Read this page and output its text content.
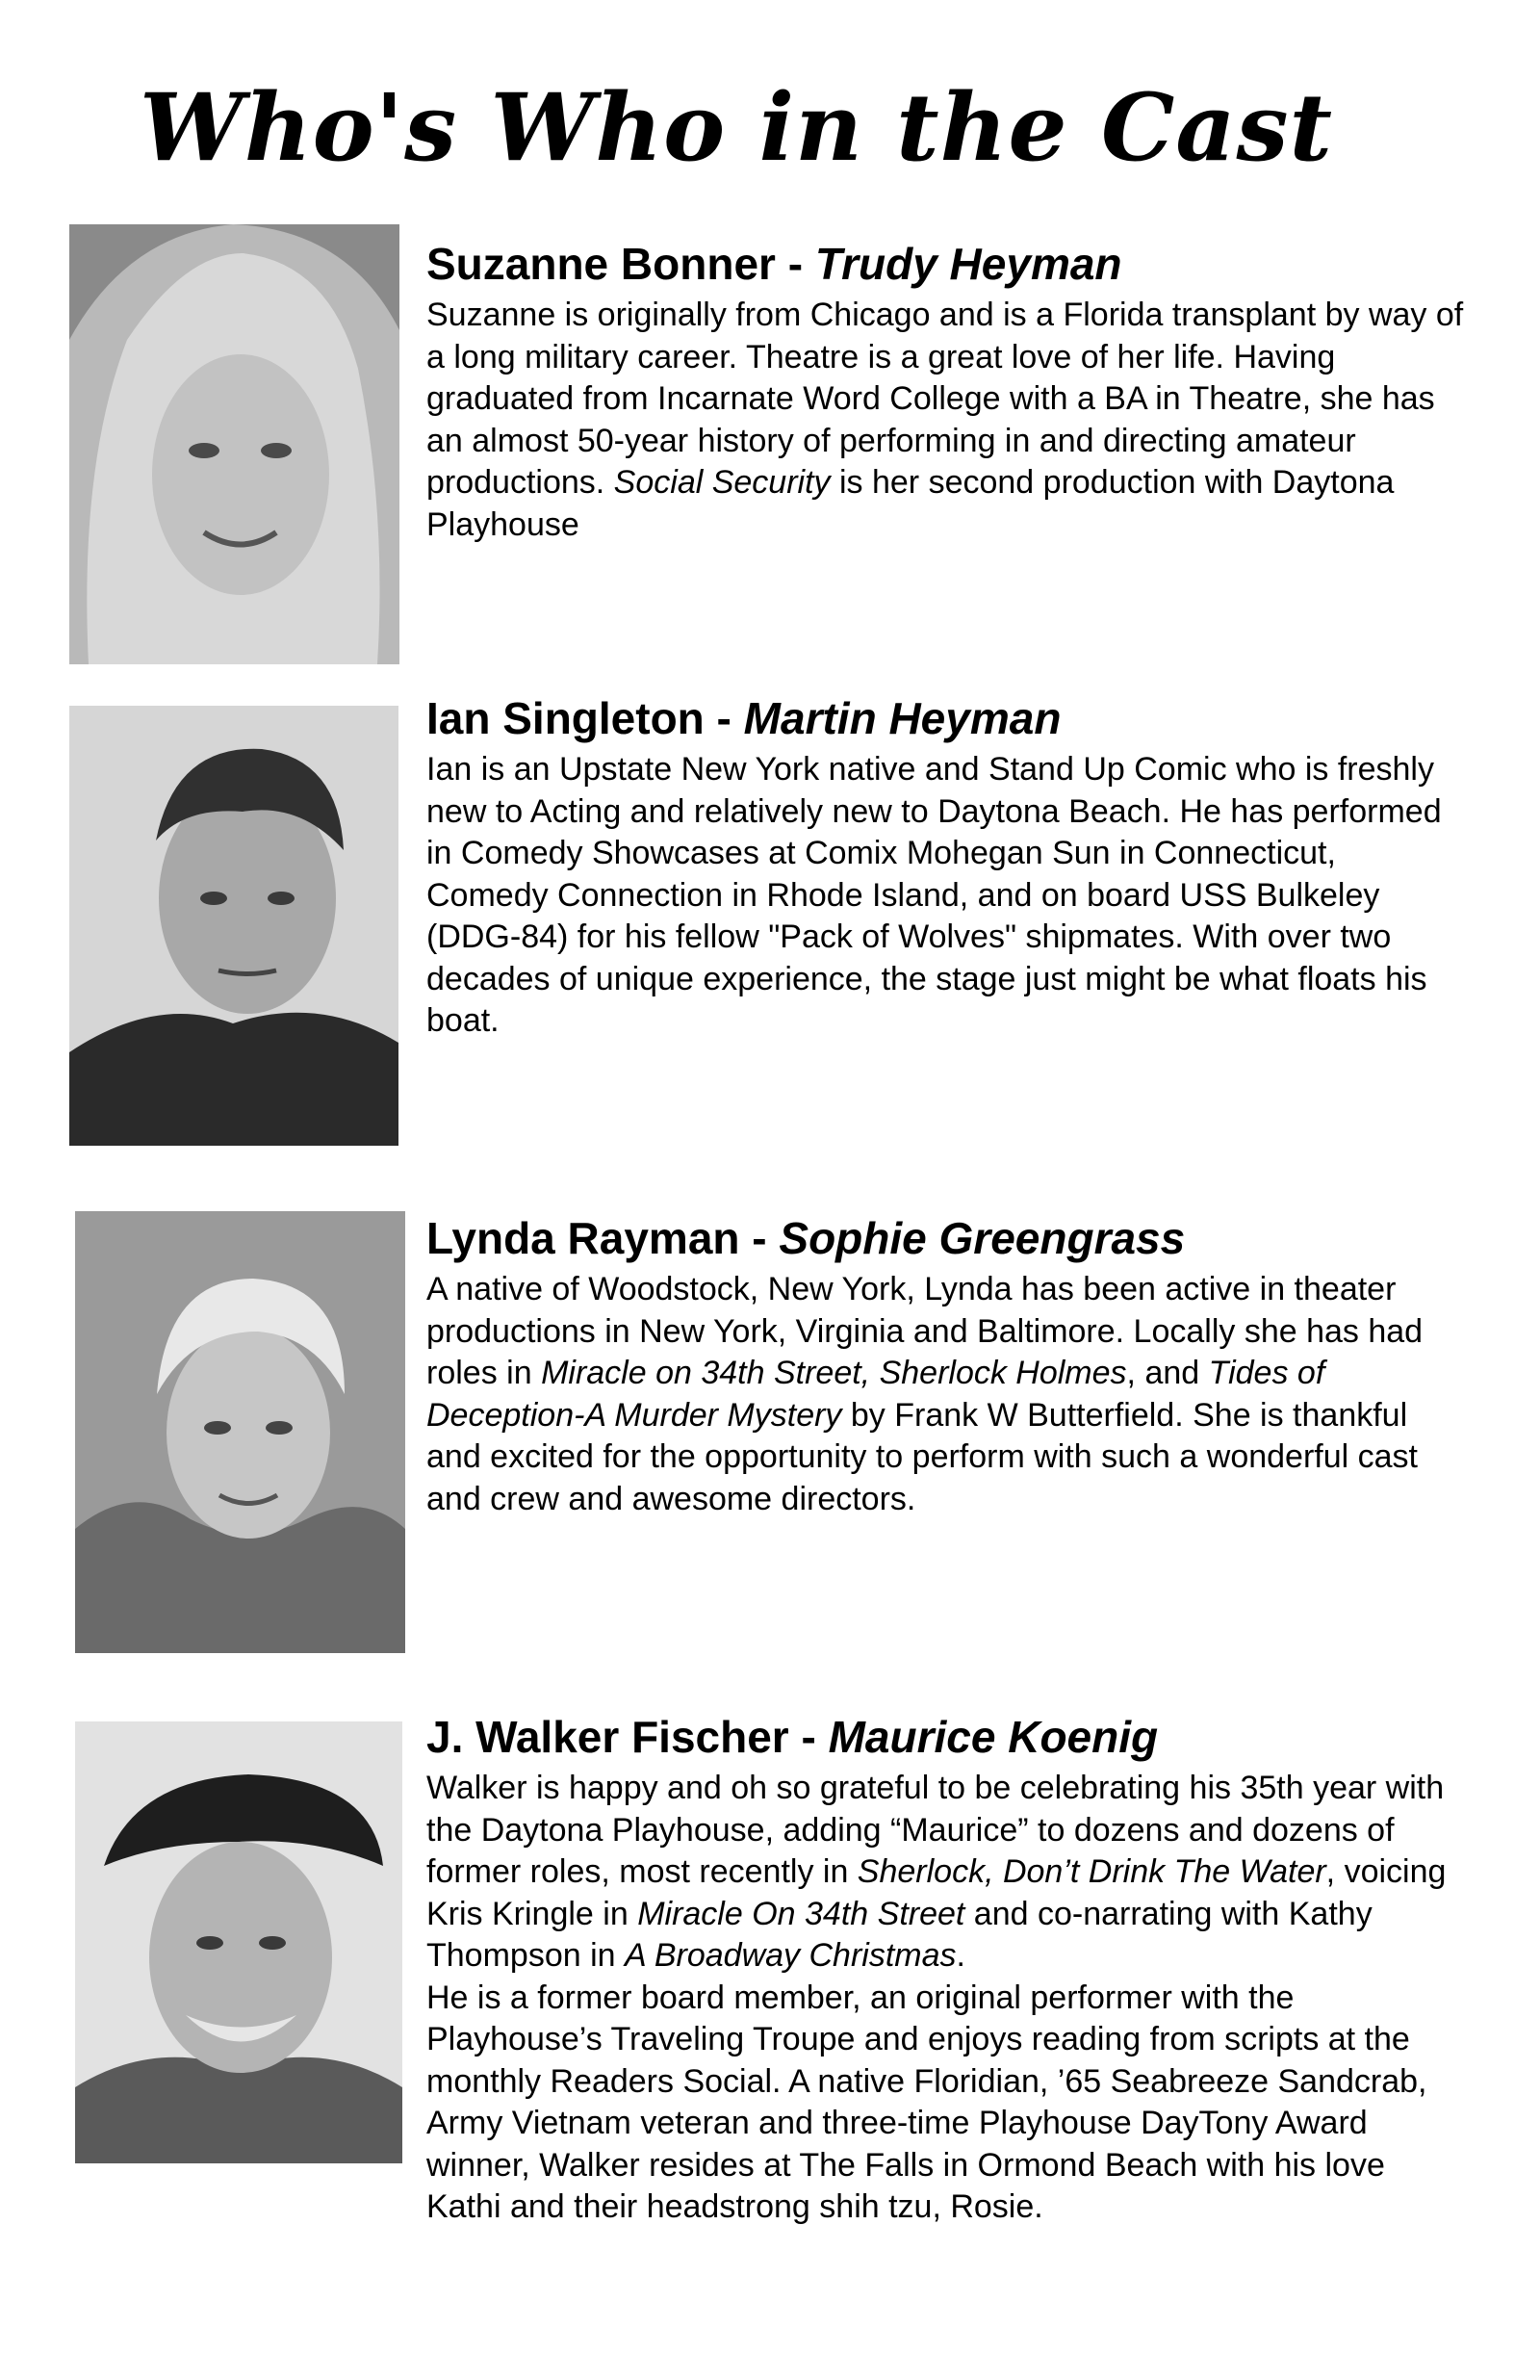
Who's Who in the Cast

Suzanne Bonner - Trudy Heyman

Suzanne is originally from Chicago and is a Florida transplant by way of a long military career. Theatre is a great love of her life. Having graduated from Incarnate Word College with a BA in Theatre, she has an almost 50-year history of performing in and directing amateur productions. Social Security is her second production with Daytona Playhouse

Ian Singleton - Martin Heyman

Ian is an Upstate New York native and Stand Up Comic who is freshly new to Acting and relatively new to Daytona Beach. He has performed in Comedy Showcases at Comix Mohegan Sun in Connecticut, Comedy Connection in Rhode Island, and on board USS Bulkeley (DDG-84) for his fellow "Pack of Wolves" shipmates. With over two decades of unique experience, the stage just might be what floats his boat.

Lynda Rayman - Sophie Greengrass

A native of Woodstock, New York, Lynda has been active in theater productions in New York, Virginia and Baltimore. Locally she has had roles in Miracle on 34th Street, Sherlock Holmes, and Tides of Deception-A Murder Mystery by Frank W Butterfield. She is thankful and excited for the opportunity to perform with such a wonderful cast and crew and awesome directors.

J. Walker Fischer - Maurice Koenig

Walker is happy and oh so grateful to be celebrating his 35th year with the Daytona Playhouse, adding “Maurice” to dozens and dozens of former roles, most recently in Sherlock, Don’t Drink The Water, voicing Kris Kringle in Miracle On 34th Street and co-narrating with Kathy Thompson in A Broadway Christmas.
He is a former board member, an original performer with the Playhouse’s Traveling Troupe and enjoys reading from scripts at the monthly Readers Social. A native Floridian, ’65 Seabreeze Sandcrab, Army Vietnam veteran and three-time Playhouse DayTony Award winner, Walker resides at The Falls in Ormond Beach with his love Kathi and their headstrong shih tzu, Rosie.
